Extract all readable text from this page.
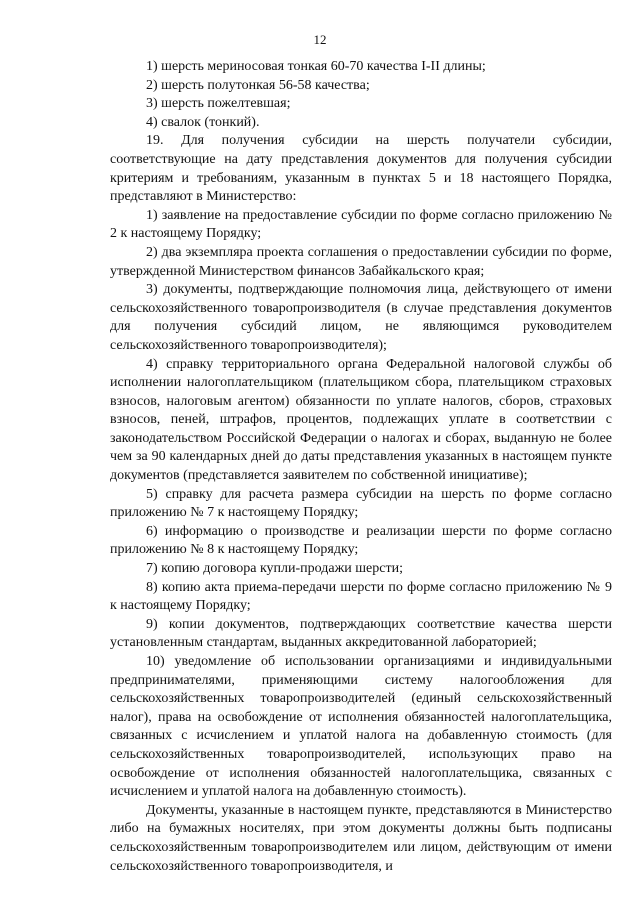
12

1) шерсть мериносовая тонкая 60-70 качества I-II длины;

2) шерсть полутонкая 56-58 качества;

3) шерсть пожелтевшая;

4) свалок (тонкий).

19. Для получения субсидии на шерсть получатели субсидии, соответствующие на дату представления документов для получения субсидии критериям и требованиям, указанным в пунктах 5 и 18 настоящего Порядка, представляют в Министерство:

1) заявление на предоставление субсидии по форме согласно приложению № 2 к настоящему Порядку;

2) два экземпляра проекта соглашения о предоставлении субсидии по форме, утвержденной Министерством финансов Забайкальского края;

3) документы, подтверждающие полномочия лица, действующего от имени сельскохозяйственного товаропроизводителя (в случае представления документов для получения субсидий лицом, не являющимся руководителем сельскохозяйственного товаропроизводителя);

4) справку территориального органа Федеральной налоговой службы об исполнении налогоплательщиком (плательщиком сбора, плательщиком страховых взносов, налоговым агентом) обязанности по уплате налогов, сборов, страховых взносов, пеней, штрафов, процентов, подлежащих уплате в соответствии с законодательством Российской Федерации о налогах и сборах, выданную не более чем за 90 календарных дней до даты представления указанных в настоящем пункте документов (представляется заявителем по собственной инициативе);

5) справку для расчета размера субсидии на шерсть по форме согласно приложению № 7 к настоящему Порядку;

6) информацию о производстве и реализации шерсти по форме согласно приложению № 8 к настоящему Порядку;

7) копию договора купли-продажи шерсти;

8) копию акта приема-передачи шерсти по форме согласно приложению № 9 к настоящему Порядку;

9) копии документов, подтверждающих соответствие качества шерсти установленным стандартам, выданных аккредитованной лабораторией;

10) уведомление об использовании организациями и индивидуальными предпринимателями, применяющими систему налогообложения для сельскохозяйственных товаропроизводителей (единый сельскохозяйственный налог), права на освобождение от исполнения обязанностей налогоплательщика, связанных с исчислением и уплатой налога на добавленную стоимость (для сельскохозяйственных товаропроизводителей, использующих право на освобождение от исполнения обязанностей налогоплательщика, связанных с исчислением и уплатой налога на добавленную стоимость).

Документы, указанные в настоящем пункте, представляются в Министерство либо на бумажных носителях, при этом документы должны быть подписаны сельскохозяйственным товаропроизводителем или лицом, действующим от имени сельскохозяйственного товаропроизводителя, и
